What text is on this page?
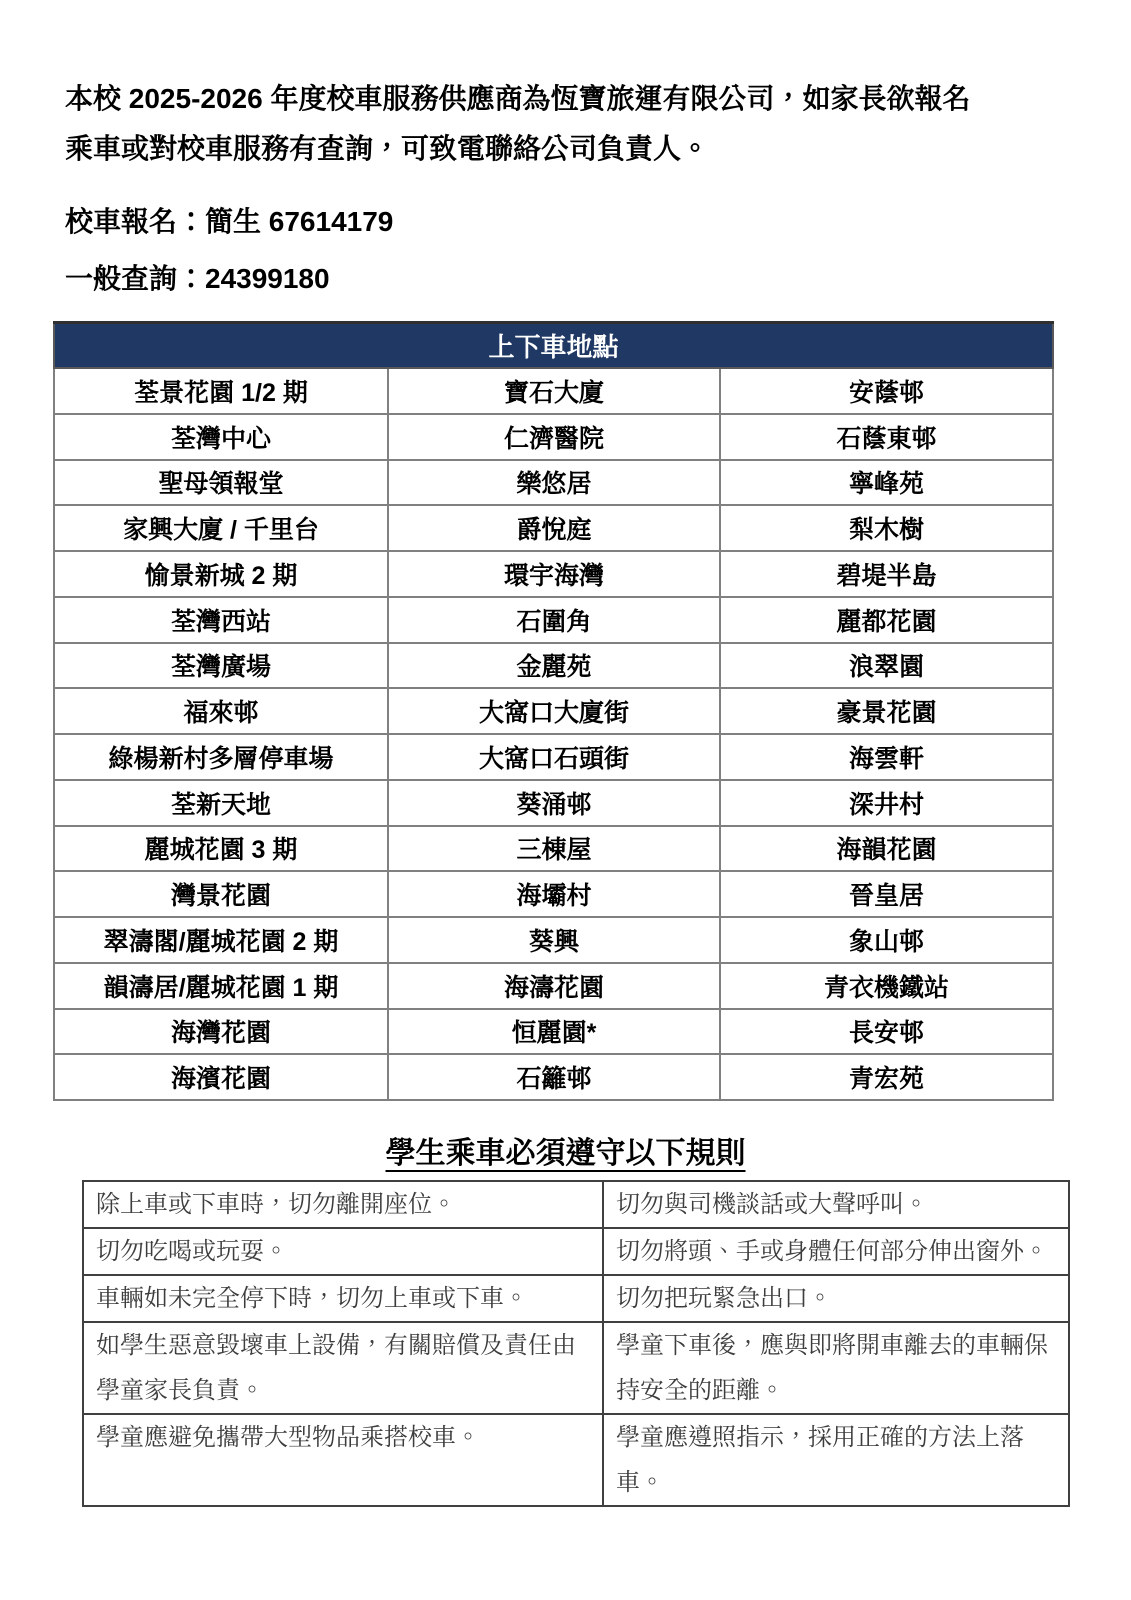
本校 2025-2026 年度校車服務供應商為恆寶旅運有限公司，如家長欲報名
乘車或對校車服務有查詢，可致電聯絡公司負責人。
校車報名：簡生 67614179
一般查詢：24399180
上下車地點		
荃景花園 1/2 期	寶石大廈	安蔭邨
荃灣中心	仁濟醫院	石蔭東邨
聖母領報堂	樂悠居	寧峰苑
家興大廈 / 千里台	爵悅庭	梨木樹
愉景新城 2 期	環宇海灣	碧堤半島
荃灣西站	石圍角	麗都花園
荃灣廣場	金麗苑	浪翠園
福來邨	大窩口大廈街	豪景花園
綠楊新村多層停車場	大窩口石頭街	海雲軒
荃新天地	葵涌邨	深井村
麗城花園 3 期	三棟屋	海韻花園
灣景花園	海壩村	晉皇居
翠濤閣/麗城花園 2 期	葵興	象山邨
韻濤居/麗城花園 1 期	海濤花園	青衣機鐵站
海灣花園	恒麗園*	長安邨
海濱花園	石籬邨	青宏苑
學生乘車必須遵守以下規則
除上車或下車時，切勿離開座位。	切勿與司機談話或大聲呼叫。
切勿吃喝或玩耍。	切勿將頭、手或身體任何部分伸出窗外。
車輛如未完全停下時，切勿上車或下車。	切勿把玩緊急出口。
如學生惡意毀壞車上設備，有關賠償及責任由學童家長負責。	學童下車後，應與即將開車離去的車輛保持安全的距離。
學童應避免攜帶大型物品乘搭校車。	學童應遵照指示，採用正確的方法上落車。
